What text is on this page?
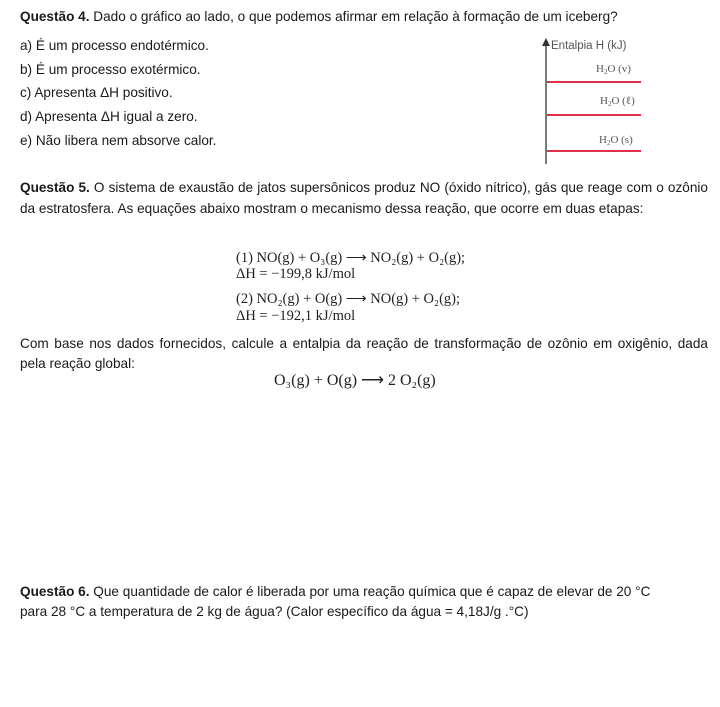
Questão 4. Dado o gráfico ao lado, o que podemos afirmar em relação à formação de um iceberg?
a) É um processo endotérmico.
b) É um processo exotérmico.
c) Apresenta ΔH positivo.
d) Apresenta ΔH igual a zero.
e) Não libera nem absorve calor.
Entalpia H (kJ)
$H_2O$ (v)
$H_2O$ (ℓ)
$H_2O$ (s)
Questão 5. O sistema de exaustão de jatos supersônicos produz NO (óxido nítrico), gás que reage com o ozônio da estratosfera. As equações abaixo mostram o mecanismo dessa reação, que ocorre em duas etapas:
(1) NO(g) + O₃(g) ⟶ NO₂(g) + O₂(g);
ΔH = −199,8 kJ/mol
(2) NO₂(g) + O(g) ⟶ NO(g) + O₂(g);
ΔH = −192,1 kJ/mol
Com base nos dados fornecidos, calcule a entalpia da reação de transformação de ozônio em oxigênio, dada pela reação global:
O₃(g) + O(g) ⟶ 2 O₂(g)
Questão 6. Que quantidade de calor é liberada por uma reação química que é capaz de elevar de 20 °C
para 28 °C a temperatura de 2 kg de água? (Calor específico da água = 4,18J/g .°C)
